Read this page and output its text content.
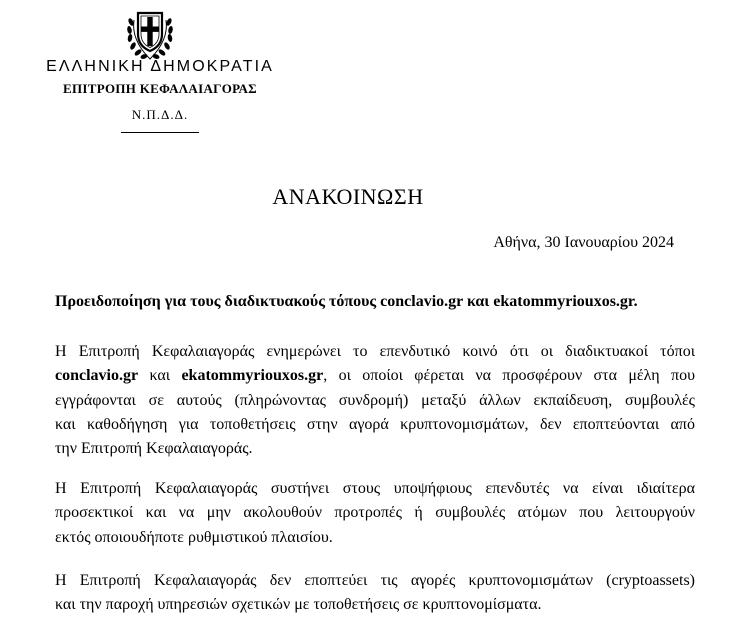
ΕΛΛΗΝΙΚΗ ΔΗΜΟΚΡΑΤΙΑ
ΕΠΙΤΡΟΠΗ ΚΕΦΑΛΑΙΑΓΟΡΑΣ
Ν.Π.Δ.Δ.
ΑΝΑΚΟΙΝΩΣΗ
Αθήνα, 30 Ιανουαρίου 2024
Προειδοποίηση για τους διαδικτυακούς τόπους conclavio.gr και ekatommyriouxos.gr.

Η Επιτροπή Κεφαλαιαγοράς ενημερώνει το επενδυτικό κοινό ότι οι διαδικτυακοί τόποι
conclavio.gr και ekatommyriouxos.gr, οι οποίοι φέρεται να προσφέρουν στα μέλη που
εγγράφονται σε αυτούς (πληρώνοντας συνδρομή) μεταξύ άλλων εκπαίδευση, συμβουλές
και καθοδήγηση για τοποθετήσεις στην αγορά κρυπτονομισμάτων, δεν εποπτεύονται από
την Επιτροπή Κεφαλαιαγοράς.

Η Επιτροπή Κεφαλαιαγοράς συστήνει στους υποψήφιους επενδυτές να είναι ιδιαίτερα
προσεκτικοί και να μην ακολουθούν προτροπές ή συμβουλές ατόμων που λειτουργούν
εκτός οποιουδήποτε ρυθμιστικού πλαισίου.

Η Επιτροπή Κεφαλαιαγοράς δεν εποπτεύει τις αγορές κρυπτονομισμάτων (cryptoassets)
και την παροχή υπηρεσιών σχετικών με τοποθετήσεις σε κρυπτονομίσματα.
